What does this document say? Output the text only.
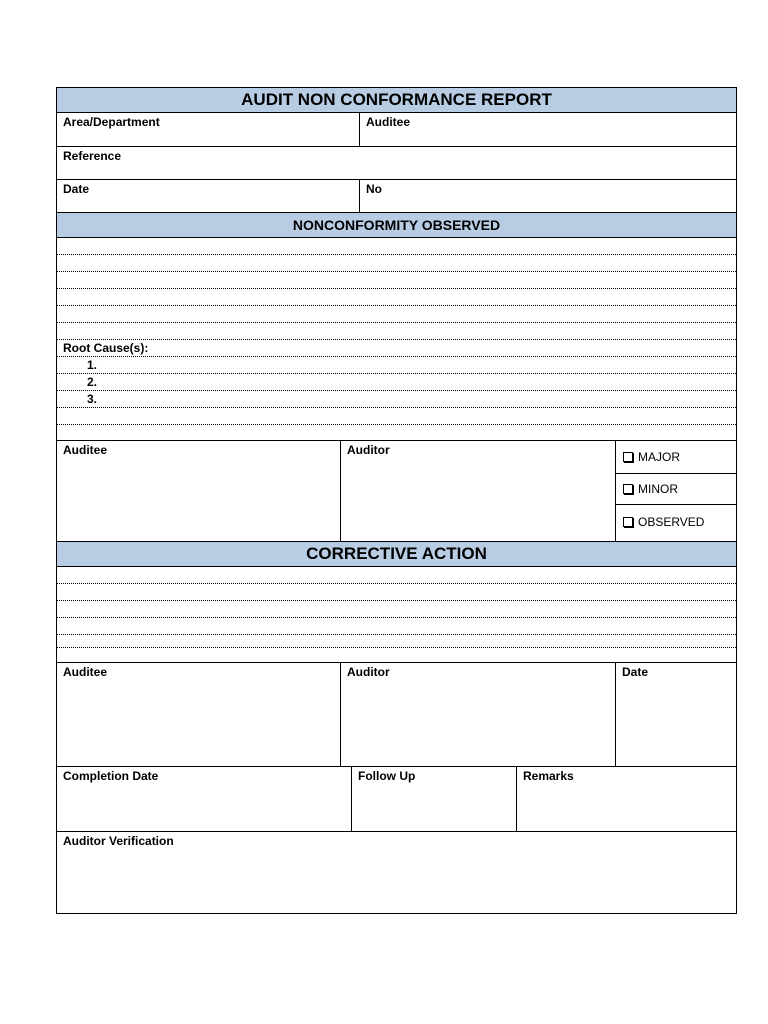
AUDIT NON CONFORMANCE REPORT
Area/Department	Auditee
Reference
Date	No
NONCONFORMITY OBSERVED
Root Cause(s):
1.
2.
3.
Auditee	Auditor	MAJOR
MINOR
OBSERVED
CORRECTIVE ACTION
Auditee	Auditor	Date
Completion Date	Follow Up	Remarks
Auditor Verification
